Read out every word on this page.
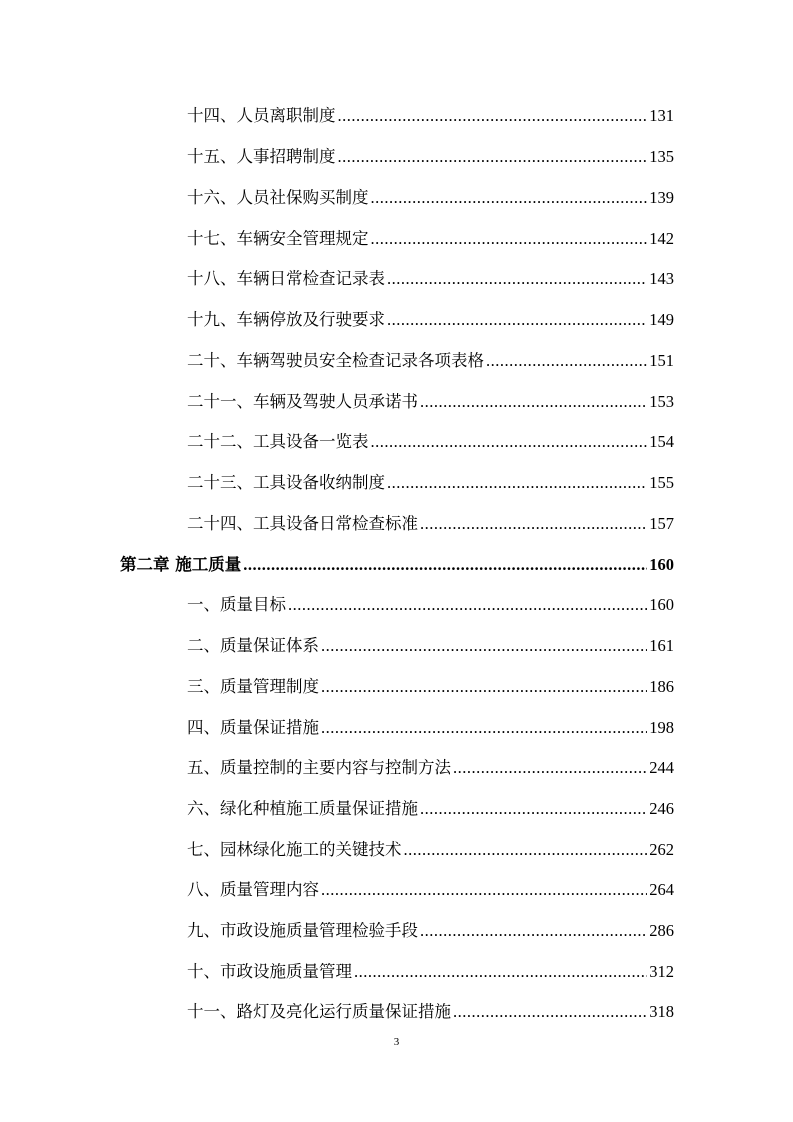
十四、人员离职制度 .....	131
十五、人事招聘制度 .....	135
十六、人员社保购买制度 .....	139
十七、车辆安全管理规定 .....	142
十八、车辆日常检查记录表 .....	143
十九、车辆停放及行驶要求 .....	149
二十、车辆驾驶员安全检查记录各项表格 .....	151
二十一、车辆及驾驶人员承诺书 .....	153
二十二、工具设备一览表 .....	154
二十三、工具设备收纳制度 .....	155
二十四、工具设备日常检查标准 .....	157
第二章 施工质量 .....	160
一、质量目标 .....	160
二、质量保证体系 .....	161
三、质量管理制度 .....	186
四、质量保证措施 .....	198
五、质量控制的主要内容与控制方法 .....	244
六、绿化种植施工质量保证措施 .....	246
七、园林绿化施工的关键技术 .....	262
八、质量管理内容 .....	264
九、市政设施质量管理检验手段 .....	286
十、市政设施质量管理 .....	312
十一、路灯及亮化运行质量保证措施 .....	318
3
